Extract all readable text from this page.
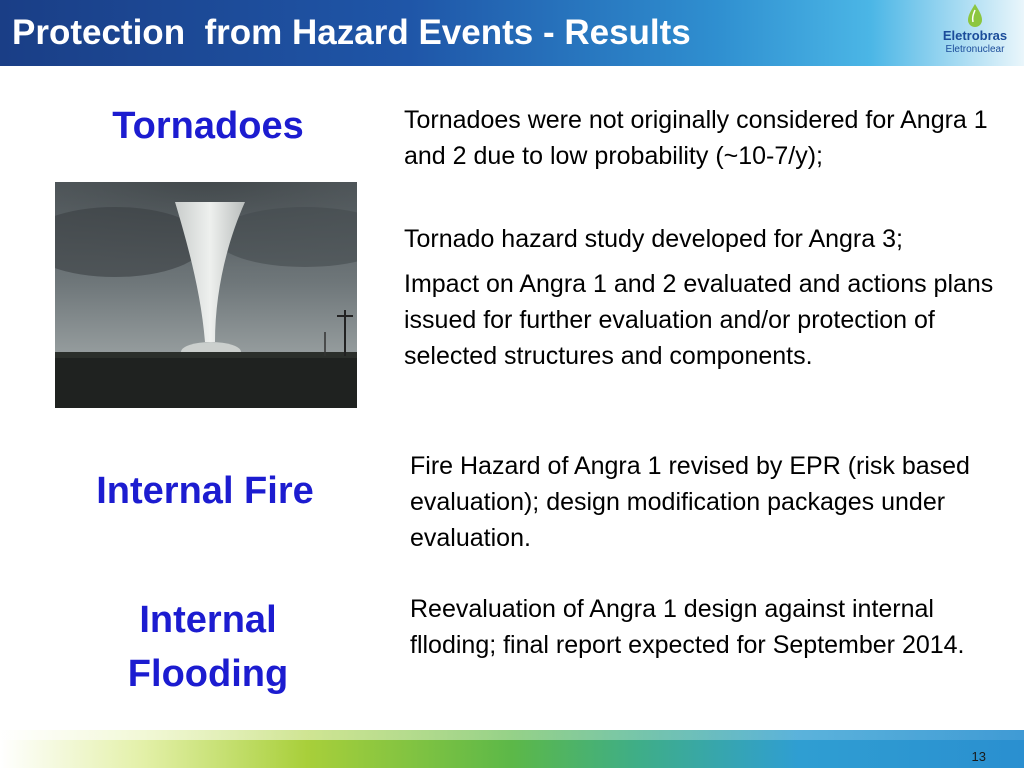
Protection  from Hazard Events - Results	Eletrobras
Eletronuclear
Tornadoes	Tornadoes were not originally considered for Angra 1 and 2 due to low probability (~10-7/y);
Tornado hazard study developed for Angra 3;
Impact on Angra 1 and 2 evaluated and actions plans issued for further evaluation and/or protection of selected structures and components.
Internal Fire
Fire Hazard of Angra 1 revised by EPR (risk based evaluation); design modification packages under evaluation.
Internal
Flooding
Reevaluation of Angra 1 design against internal flloding; final report expected for September 2014.
13
